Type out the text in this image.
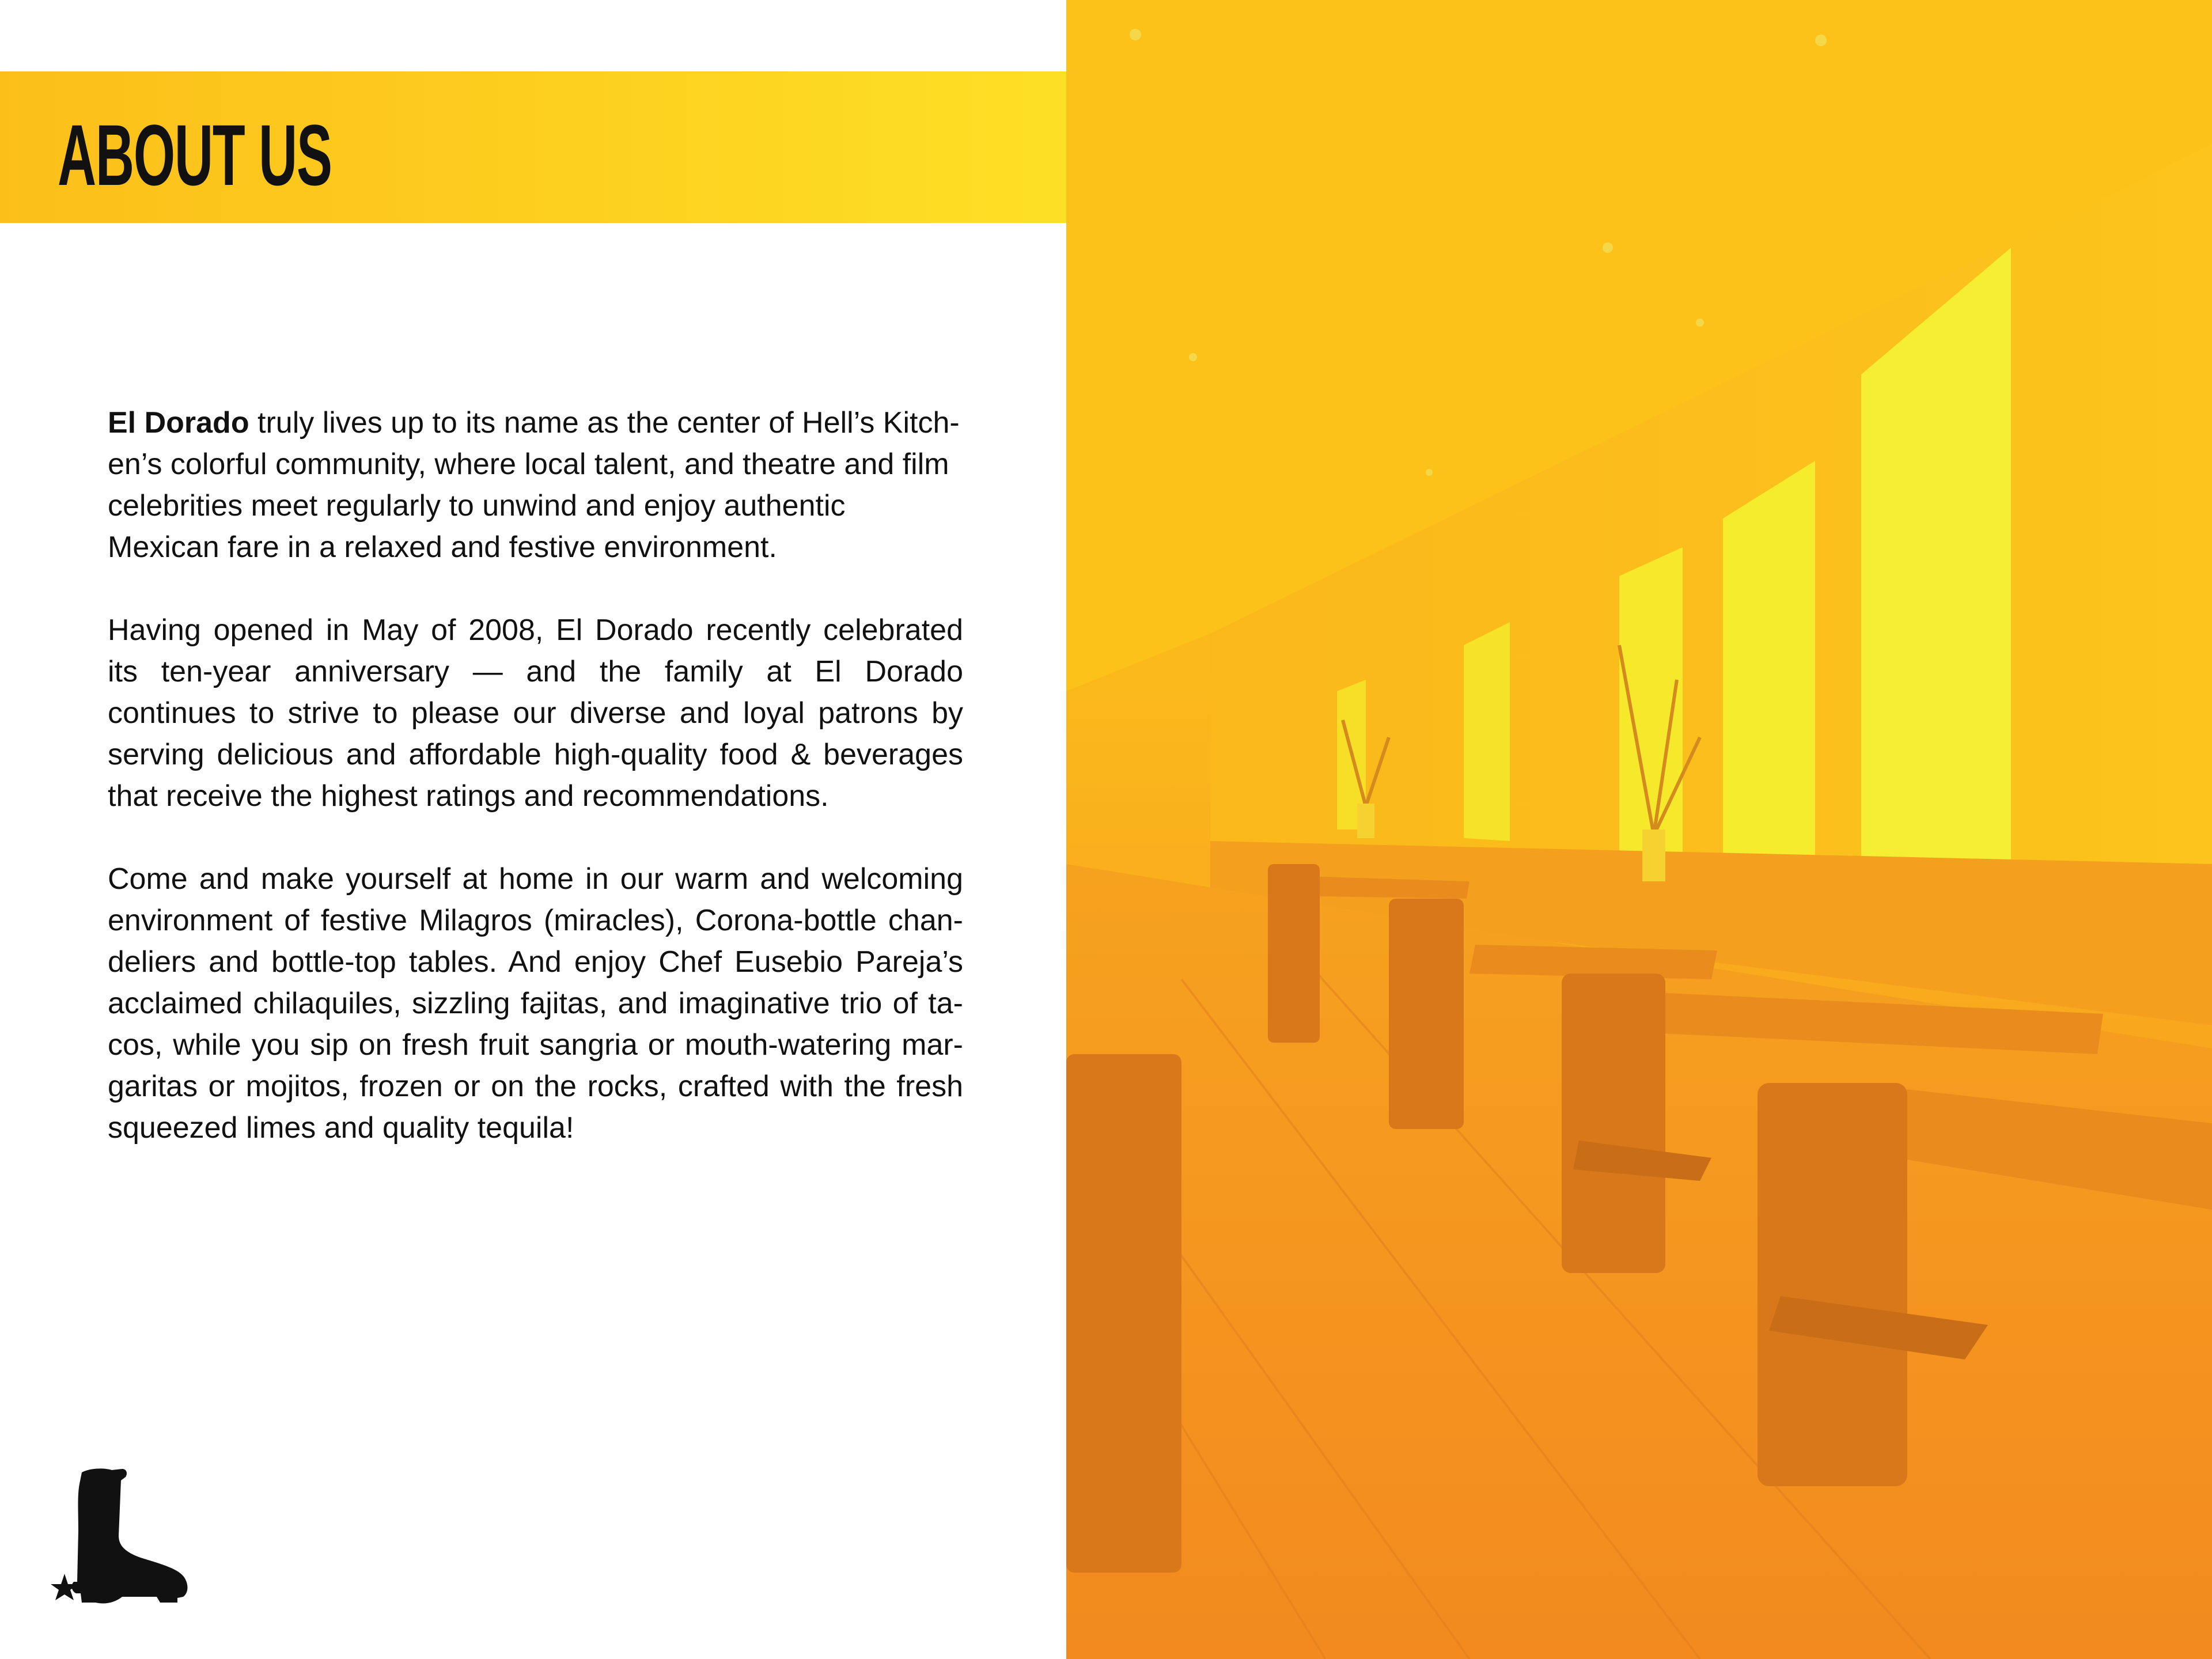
ABOUT US

El Dorado truly lives up to its name as the center of Hell’s Kitch-en’s colorful community, where local talent, and theatre and film celebrities meet regularly to unwind and enjoy authentic Mexican fare in a relaxed and festive environment.

Having opened in May of 2008, El Dorado recently celebrated its ten-year anniversary — and the family at El Dorado continues to strive to please our diverse and loyal patrons by serving delicious and affordable high-quality food & beverages that receive the highest ratings and recommendations.

Come and make yourself at home in our warm and welcoming environment of festive Milagros (miracles), Corona-bottle chan-deliers and bottle-top tables. And enjoy Chef Eusebio Pareja’s acclaimed chilaquiles, sizzling fajitas, and imaginative trio of ta-cos, while you sip on fresh fruit sangria or mouth-watering mar-garitas or mojitos, frozen or on the rocks, crafted with the fresh squeezed limes and quality tequila!
